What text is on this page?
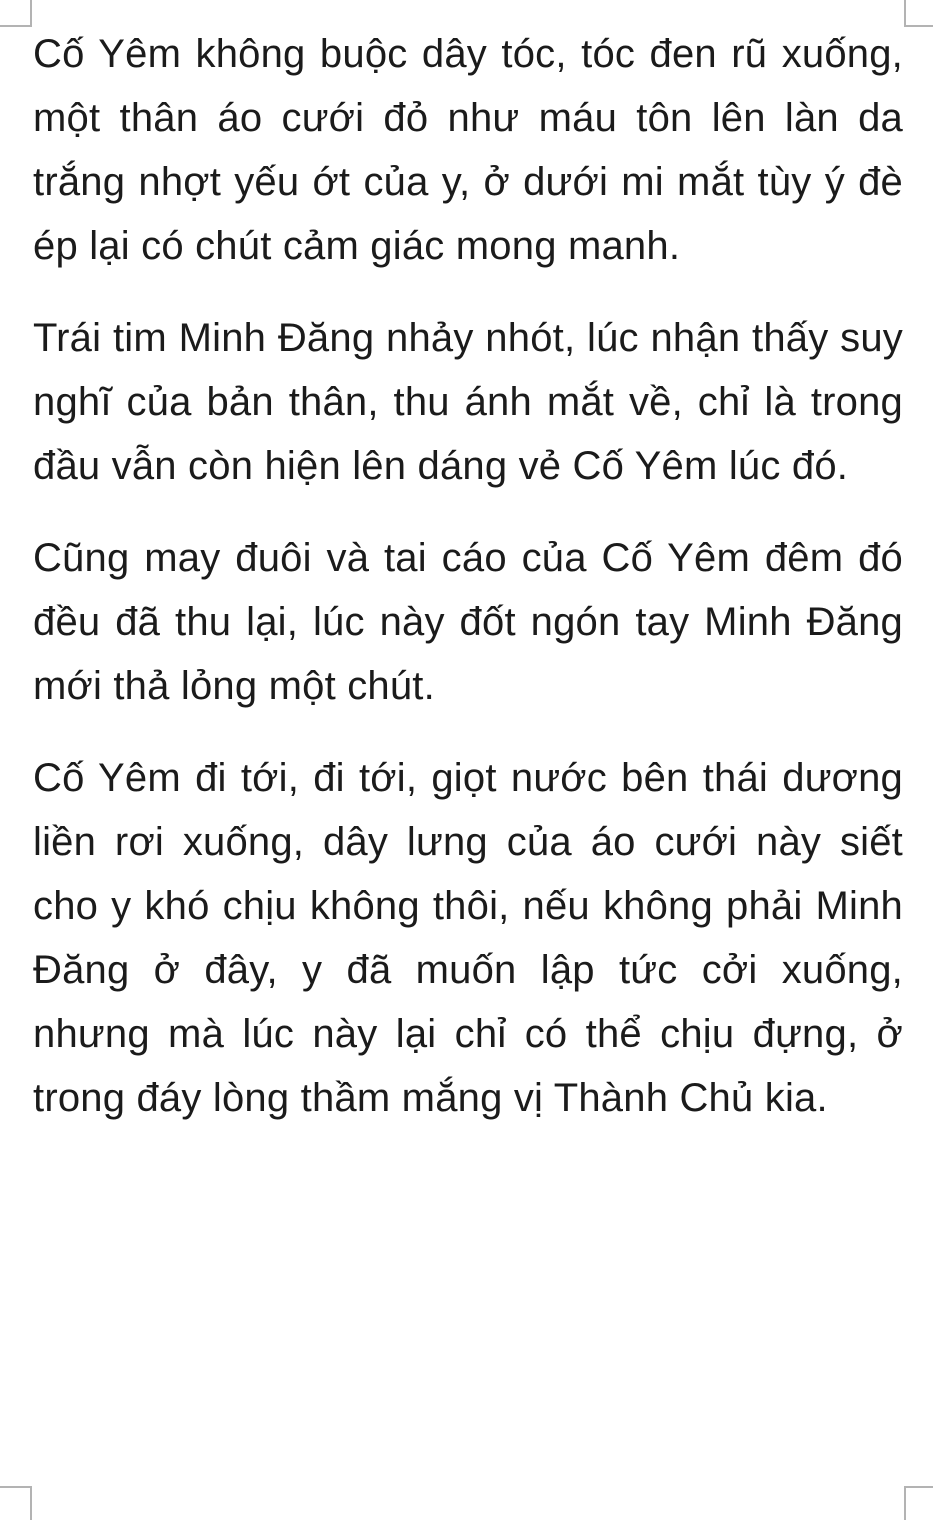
Cố Yêm không buộc dây tóc, tóc đen rũ xuống, một thân áo cưới đỏ như máu tôn lên làn da trắng nhợt yếu ớt của y, ở dưới mi mắt tùy ý đè ép lại có chút cảm giác mong manh.

Trái tim Minh Đăng nhảy nhót, lúc nhận thấy suy nghĩ của bản thân, thu ánh mắt về, chỉ là trong đầu vẫn còn hiện lên dáng vẻ Cố Yêm lúc đó.

Cũng may đuôi và tai cáo của Cố Yêm đêm đó đều đã thu lại, lúc này đốt ngón tay Minh Đăng mới thả lỏng một chút.

Cố Yêm đi tới, đi tới, giọt nước bên thái dương liền rơi xuống, dây lưng của áo cưới này siết cho y khó chịu không thôi, nếu không phải Minh Đăng ở đây, y đã muốn lập tức cởi xuống, nhưng mà lúc này lại chỉ có thể chịu đựng, ở trong đáy lòng thầm mắng vị Thành Chủ kia.
